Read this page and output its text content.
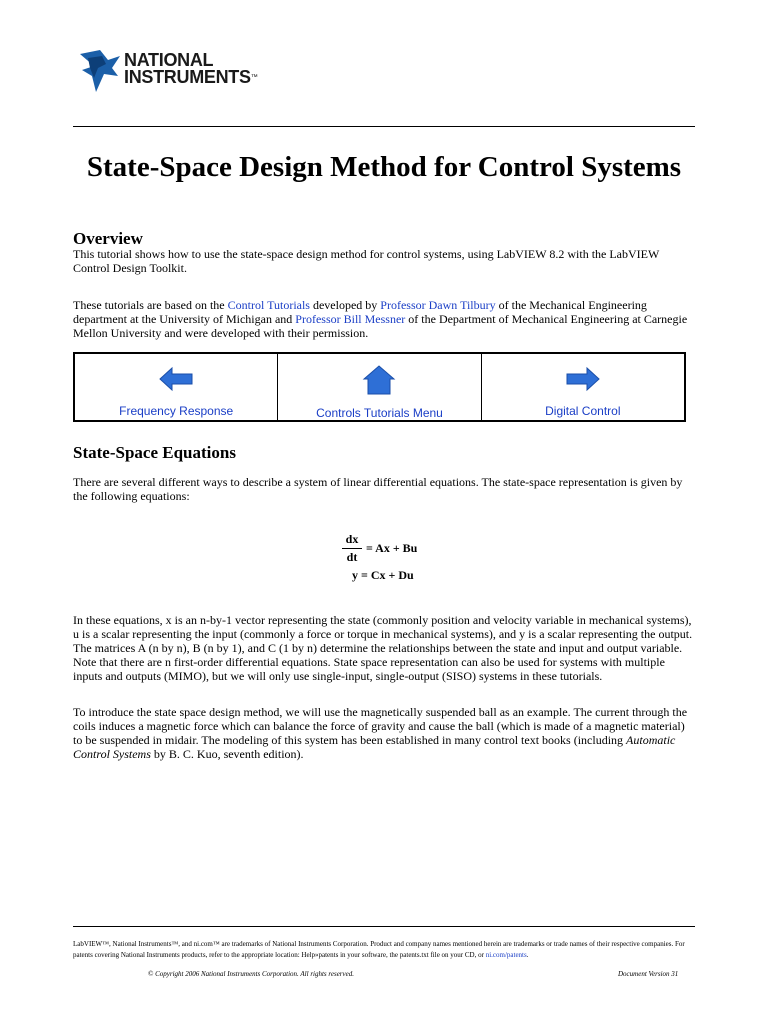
NATIONAL
INSTRUMENTS™
State-Space Design Method for Control Systems
Overview
This tutorial shows how to use the state-space design method for control systems, using LabVIEW 8.2 with the LabVIEW Control Design Toolkit.
These tutorials are based on the Control Tutorials developed by Professor Dawn Tilbury of the Mechanical Engineering department at the University of Michigan and Professor Bill Messner of the Department of Mechanical Engineering at Carnegie Mellon University and were developed with their permission.
Frequency Response	Controls Tutorials Menu	Digital Control
State-Space Equations
There are several different ways to describe a system of linear differential equations. The state-space representation is given by the following equations:
dx
dt
= Ax + Bu
y = Cx + Du
In these equations, x is an n-by-1 vector representing the state (commonly position and velocity variable in mechanical systems), u is a scalar representing the input (commonly a force or torque in mechanical systems), and y is a scalar representing the output. The matrices A (n by n), B (n by 1), and C (1 by n) determine the relationships between the state and input and output variable. Note that there are n first-order differential equations. State space representation can also be used for systems with multiple inputs and outputs (MIMO), but we will only use single-input, single-output (SISO) systems in these tutorials.
To introduce the state space design method, we will use the magnetically suspended ball as an example. The current through the coils induces a magnetic force which can balance the force of gravity and cause the ball (which is made of a magnetic material) to be suspended in midair. The modeling of this system has been established in many control text books (including Automatic Control Systems by B. C. Kuo, seventh edition).
LabVIEW™, National Instruments™, and ni.com™ are trademarks of National Instruments Corporation. Product and company names mentioned herein are trademarks or trade names of their respective companies. For patents covering National Instruments products, refer to the appropriate location: Help»patents in your software, the patents.txt file on your CD, or ni.com/patents.
© Copyright 2006 National Instruments Corporation. All rights reserved.	Document Version 31
